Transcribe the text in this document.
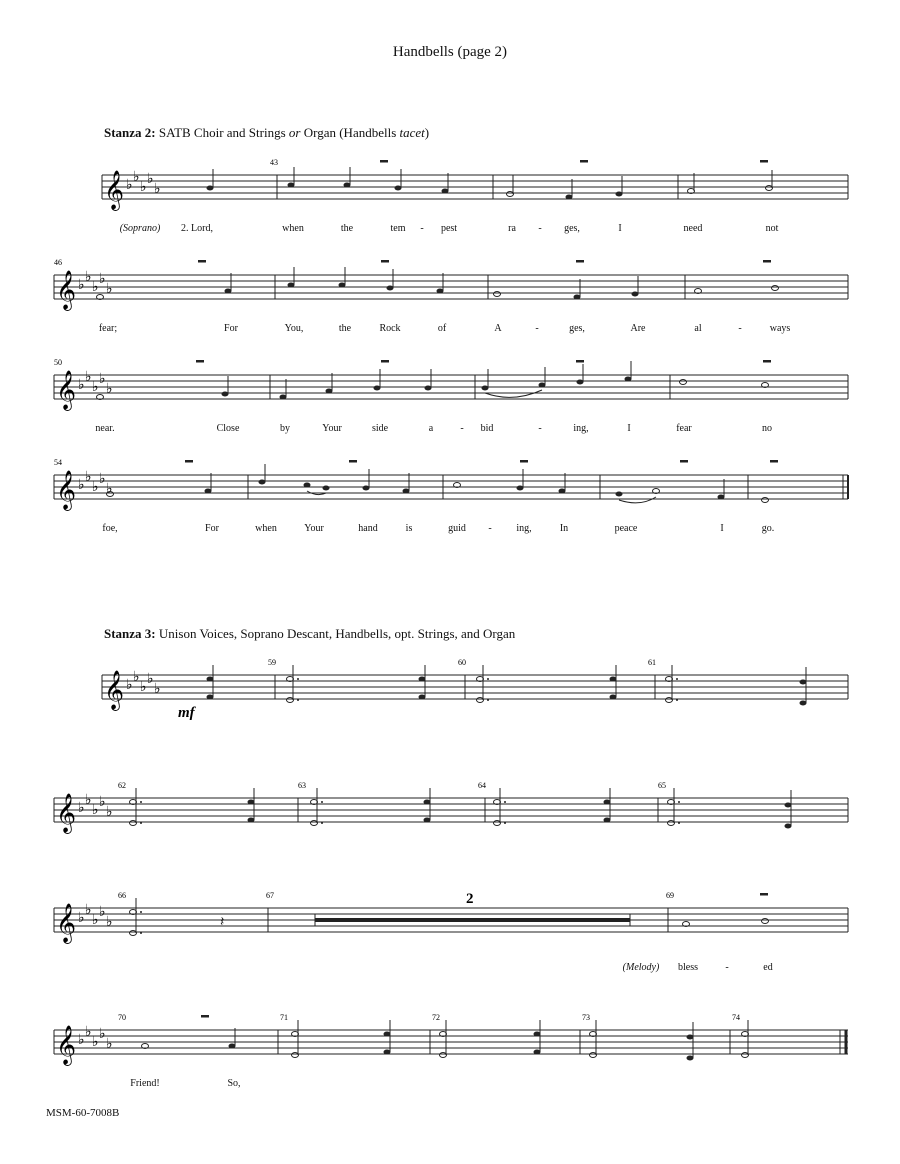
Handbells (page 2)
Stanza 2: SATB Choir and Strings or Organ (Handbells tacet)
𝄞 ♭ ♭
♭ ♭
♭
43
(Soprano) 2. Lord,	when	the	tem - pest	ra - ges,	I	need	not
𝄞 ♭ ♭
♭ ♭
♭
46
fear;	For	You,	the	Rock	of	A	-	ges,	Are	al	-	ways
𝄞 ♭ ♭
♭ ♭
♭
50
near.	Close	by	Your	side	a	- bid	-	ing,	I	fear	no
𝄞 ♭ ♭
♭ ♭
♭
54
foe,	For	when	Your	hand	is	guid - ing,	In	peace	I	go.
Stanza 3: Unison Voices, Soprano Descant, Handbells, opt. Strings, and Organ
𝄞 ♭ ♭
♭ ♭
♭
59	60	61
mf
𝄞 ♭ ♭
♭ ♭
♭
62	63	64	65
𝄞 ♭ ♭
♭ ♭
♭	𝄽
2
66	67	69
(Melody) bless	-	ed
𝄞 ♭ ♭
♭ ♭
♭
70	71	72	73	74
Friend!	So,
MSM-60-7008B
